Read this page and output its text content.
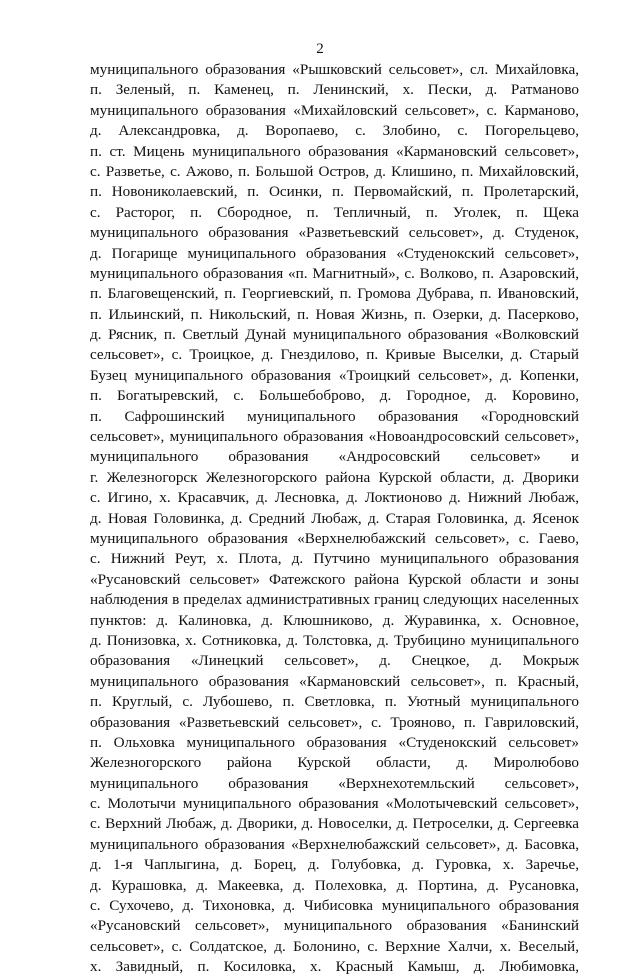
2
муниципального образования «Рышковский сельсовет», сл. Михайловка,
п. Зеленый, п. Каменец, п. Ленинский, х. Пески, д. Ратманово
муниципального образования «Михайловский сельсовет», с. Карманово,
д. Александровка, д. Воропаево, с. Злобино, с. Погорельцево,
п. ст. Мицень муниципального образования «Кармановский сельсовет»,
с. Разветье, с. Ажово, п. Большой Остров, д. Клишино, п. Михайловский,
п. Новониколаевский, п. Осинки, п. Первомайский, п. Пролетарский,
с. Расторог, п. Сбородное, п. Тепличный, п. Уголек, п. Щека
муниципального образования «Разветьевский сельсовет», д. Студенок,
д. Погарище муниципального образования «Студенокский сельсовет»,
муниципального образования «п. Магнитный», с. Волково, п. Азаровский,
п. Благовещенский, п. Георгиевский, п. Громова Дубрава, п. Ивановский,
п. Ильинский, п. Никольский, п. Новая Жизнь, п. Озерки, д. Пасерково,
д. Рясник, п. Светлый Дунай муниципального образования «Волковский
сельсовет», с. Троицкое, д. Гнездилово, п. Кривые Выселки, д. Старый
Бузец муниципального образования «Троицкий сельсовет», д. Копенки,
п. Богатыревский, с. Большебоброво, д. Городное, д. Коровино,
п. Сафрошинский муниципального образования «Городновский
сельсовет», муниципального образования «Новоандросовский сельсовет»,
муниципального образования «Андросовский сельсовет» и
г. Железногорск Железногорского района Курской области, д. Дворики
с. Игино, х. Красавчик, д. Лесновка, д. Локтионово д. Нижний Любаж,
д. Новая Головинка, д. Средний Любаж, д. Старая Головинка, д. Ясенок
муниципального образования «Верхнелюбажский сельсовет», с. Гаево,
с. Нижний Реут, х. Плота, д. Путчино муниципального образования
«Русановский сельсовет» Фатежского района Курской области и зоны
наблюдения в пределах административных границ следующих населенных
пунктов: д. Калиновка, д. Клюшниково, д. Журавинка, х. Основное,
д. Понизовка, х. Сотниковка, д. Толстовка, д. Трубицино муниципального
образования «Линецкий сельсовет», д. Снецкое, д. Мокрыж
муниципального образования «Кармановский сельсовет», п. Красный,
п. Круглый, с. Лубошево, п. Светловка, п. Уютный муниципального
образования «Разветьевский сельсовет», с. Трояново, п. Гавриловский,
п. Ольховка муниципального образования «Студенокский сельсовет»
Железногорского района Курской области, д. Миролюбово
муниципального образования «Верхнехотемльский сельсовет»,
с. Молотычи муниципального образования «Молотычевский сельсовет»,
с. Верхний Любаж, д. Дворики, д. Новоселки, д. Петроселки, д. Сергеевка
муниципального образования «Верхнелюбажский сельсовет», д. Басовка,
д. 1-я Чаплыгина, д. Борец, д. Голубовка, д. Гуровка, х. Заречье,
д. Курашовка, д. Макеевка, д. Полеховка, д. Портина, д. Русановка,
с. Сухочево, д. Тихоновка, д. Чибисовка муниципального образования
«Русановский сельсовет», муниципального образования «Банинский
сельсовет», с. Солдатское, д. Болонино, с. Верхние Халчи, х. Веселый,
х. Завидный, п. Косиловка, х. Красный Камыш, д. Любимовка,
